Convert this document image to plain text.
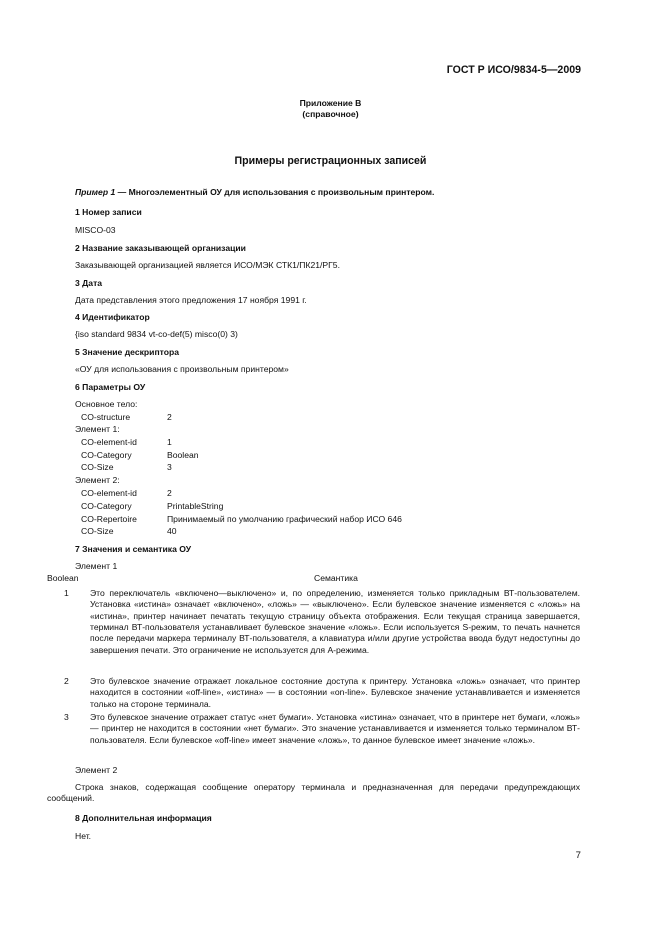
ГОСТ Р ИСО/9834-5—2009
Приложение В
(справочное)
Примеры регистрационных записей
Пример 1 — Многоэлементный ОУ для использования с произвольным принтером.
1 Номер записи
MISCO-03
2 Название заказывающей организации
Заказывающей организацией является ИСО/МЭК СТК1/ПК21/РГ5.
3 Дата
Дата представления этого предложения 17 ноября 1991 г.
4 Идентификатор
{iso standard 9834 vt-co-def(5) misco(0) 3)
5 Значение дескриптора
«ОУ для использования с произвольным принтером»
6 Параметры ОУ
Основное тело:
CO-structure	2
Элемент 1:
CO-element-id	1
CO-Category	Boolean
CO-Size	3
Элемент 2:
CO-element-id	2
CO-Category	PrintableString
CO-Repertoire	Принимаемый по умолчанию графический набор ИСО 646
CO-Size	40
7 Значения и семантика ОУ
Элемент 1
Boolean	Семантика
1 Это переключатель «включено—выключено» и, по определению, изменяется только прикладным ВТ-пользователем. Установка «истина» означает «включено», «ложь» — «выключено». Если булевское значение изменяется с «ложь» на «истина», принтер начинает печатать текущую страницу объекта отображения. Если текущая страница завершается, терминал ВТ-пользователя устанавливает булевское значение «ложь». Если используется S-режим, то печать начнется после передачи маркера терминалу ВТ-пользователя, а клавиатура и/или другие устройства ввода будут недоступны до завершения печати. Это ограничение не используется для А-режима.
2 Это булевское значение отражает локальное состояние доступа к принтеру. Установка «ложь» означает, что принтер находится в состоянии «off-line», «истина» — в состоянии «on-line». Булевское значение устанавливается и изменяется только на стороне терминала.
3 Это булевское значение отражает статус «нет бумаги». Установка «истина» означает, что в принтере нет бумаги, «ложь» — принтер не находится в состоянии «нет бумаги». Это значение устанавливается и изменяется только терминалом ВТ-пользователя. Если булевское «off-line» имеет значение «ложь», то данное булевское имеет значение «ложь».
Элемент 2
Строка знаков, содержащая сообщение оператору терминала и предназначенная для передачи предупреждающих сообщений.
8 Дополнительная информация
Нет.
7
